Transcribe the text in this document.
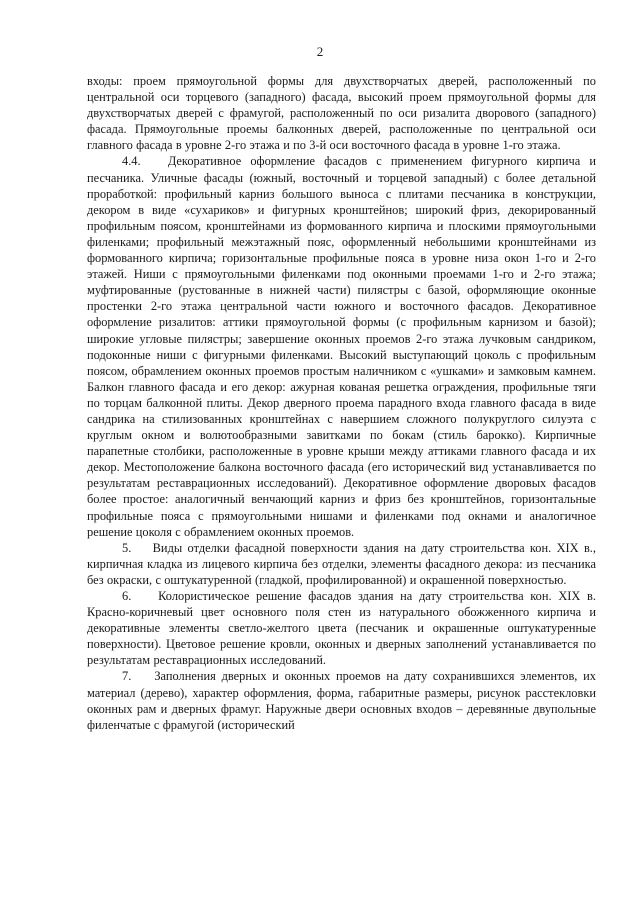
2

входы: проем прямоугольной формы для двухстворчатых дверей, расположенный по центральной оси торцевого (западного) фасада, высокий проем прямоугольной формы для двухстворчатых дверей с фрамугой, расположенный по оси ризалита дворового (западного) фасада. Прямоугольные проемы балконных дверей, расположенные по центральной оси главного фасада в уровне 2-го этажа и по 3-й оси восточного фасада в уровне 1-го этажа.

4.4.   Декоративное оформление фасадов с применением фигурного кирпича и песчаника. Уличные фасады (южный, восточный и торцевой западный) с более детальной проработкой: профильный карниз большого выноса с плитами песчаника в конструкции, декором в виде «сухариков» и фигурных кронштейнов; широкий фриз, декорированный профильным поясом, кронштейнами из формованного кирпича и плоскими прямоугольными филенками; профильный межэтажный пояс, оформленный небольшими кронштейнами из формованного кирпича; горизонтальные профильные пояса в уровне низа окон 1-го и 2-го этажей. Ниши с прямоугольными филенками под оконными проемами 1-го и 2-го этажа; муфтированные (рустованные в нижней части) пилястры с базой, оформляющие оконные простенки 2-го этажа центральной части южного и восточного фасадов. Декоративное оформление ризалитов: аттики прямоугольной формы (с профильным карнизом и базой); широкие угловые пилястры; завершение оконных проемов 2-го этажа лучковым сандриком, подоконные ниши с фигурными филенками. Высокий выступающий цоколь с профильным поясом, обрамлением оконных проемов простым наличником с «ушками» и замковым камнем. Балкон главного фасада и его декор: ажурная кованая решетка ограждения, профильные тяги по торцам балконной плиты. Декор дверного проема парадного входа главного фасада в виде сандрика на стилизованных кронштейнах с навершием сложного полукруглого силуэта с круглым окном и волютообразными завитками по бокам (стиль барокко). Кирпичные парапетные столбики, расположенные в уровне крыши между аттиками главного фасада и их декор. Местоположение балкона восточного фасада (его исторический вид устанавливается по результатам реставрационных исследований). Декоративное оформление дворовых фасадов более простое: аналогичный венчающий карниз и фриз без кронштейнов, горизонтальные профильные пояса с прямоугольными нишами и филенками под окнами и аналогичное решение цоколя с обрамлением оконных проемов.

5.    Виды отделки фасадной поверхности здания на дату строительства кон. XIX в., кирпичная кладка из лицевого кирпича без отделки, элементы фасадного декора: из песчаника без окраски, с оштукатуренной (гладкой, профилированной) и окрашенной поверхностью.

6.    Колористическое решение фасадов здания на дату строительства кон. XIX в. Красно-коричневый цвет основного поля стен из натурального обожженного кирпича и декоративные элементы светло-желтого цвета (песчаник и окрашенные оштукатуренные поверхности). Цветовое решение кровли, оконных и дверных заполнений устанавливается по результатам реставрационных исследований.

7.    Заполнения дверных и оконных проемов на дату сохранившихся элементов, их материал (дерево), характер оформления, форма, габаритные размеры, рисунок расстекловки оконных рам и дверных фрамуг. Наружные двери основных входов – деревянные двупольные филенчатые с фрамугой (исторический
